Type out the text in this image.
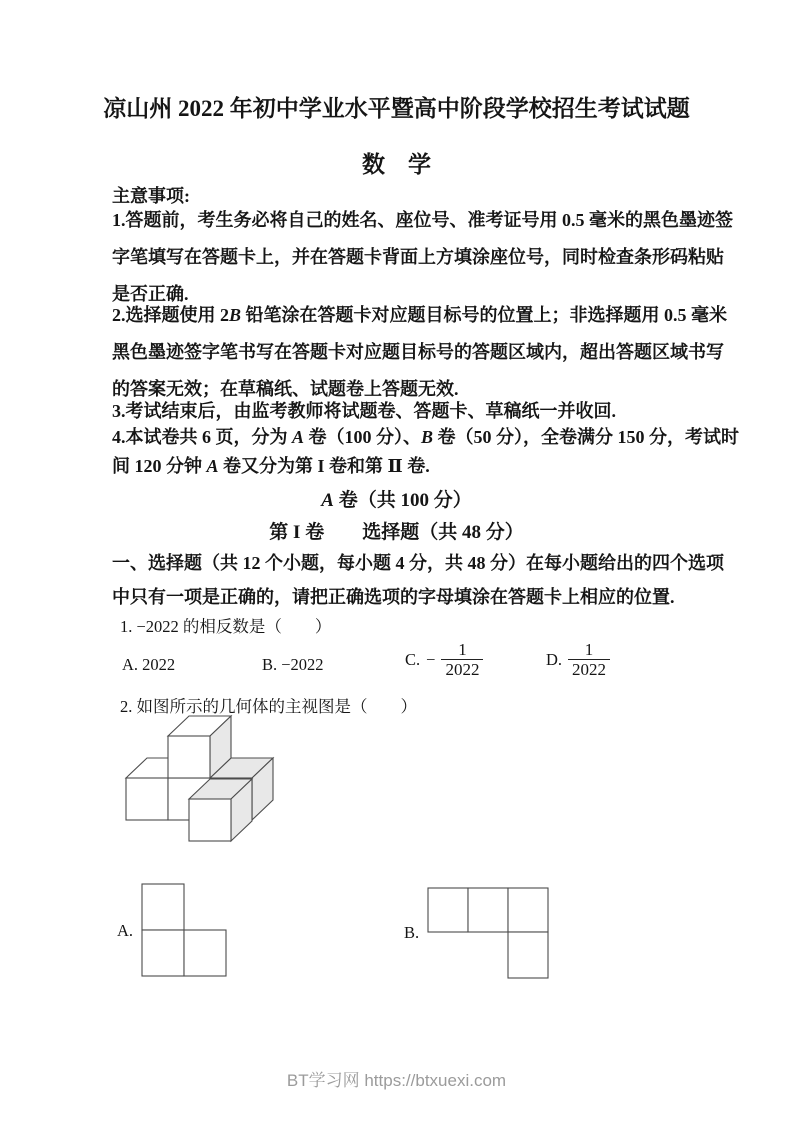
凉山州 2022 年初中学业水平暨高中阶段学校招生考试试题
数　学
主意事项:
1.答题前，考生务必将自己的姓名、座位号、准考证号用 0.5 毫米的黑色墨迹签
字笔填写在答题卡上，并在答题卡背面上方填涂座位号，同时检查条形码粘贴
是否正确.
2.选择题使用 2B 铅笔涂在答题卡对应题目标号的位置上；非选择题用 0.5 毫米
黑色墨迹签字笔书写在答题卡对应题目标号的答题区域内，超出答题区域书写
的答案无效；在草稿纸、试题卷上答题无效.
3.考试结束后，由监考教师将试题卷、答题卡、草稿纸一并收回.
4.本试卷共 6 页，分为 A 卷（100 分）、B 卷（50 分），全卷满分 150 分，考试时
间 120 分钟 A 卷又分为第 I 卷和第 Ⅱ 卷.
A 卷（共 100 分）
第 I 卷　　选择题（共 48 分）
一、选择题（共 12 个小题，每小题 4 分，共 48 分）在每小题给出的四个选项
中只有一项是正确的，请把正确选项的字母填涂在答题卡上相应的位置.
1. −2022 的相反数是（　　）
A. 2022	B. −2022	C. − $\frac{1}{2022}$	D. $\frac{1}{2022}$
2. 如图所示的几何体的主视图是（　　）
A.	B.
BT学习网 https://btxuexi.com
